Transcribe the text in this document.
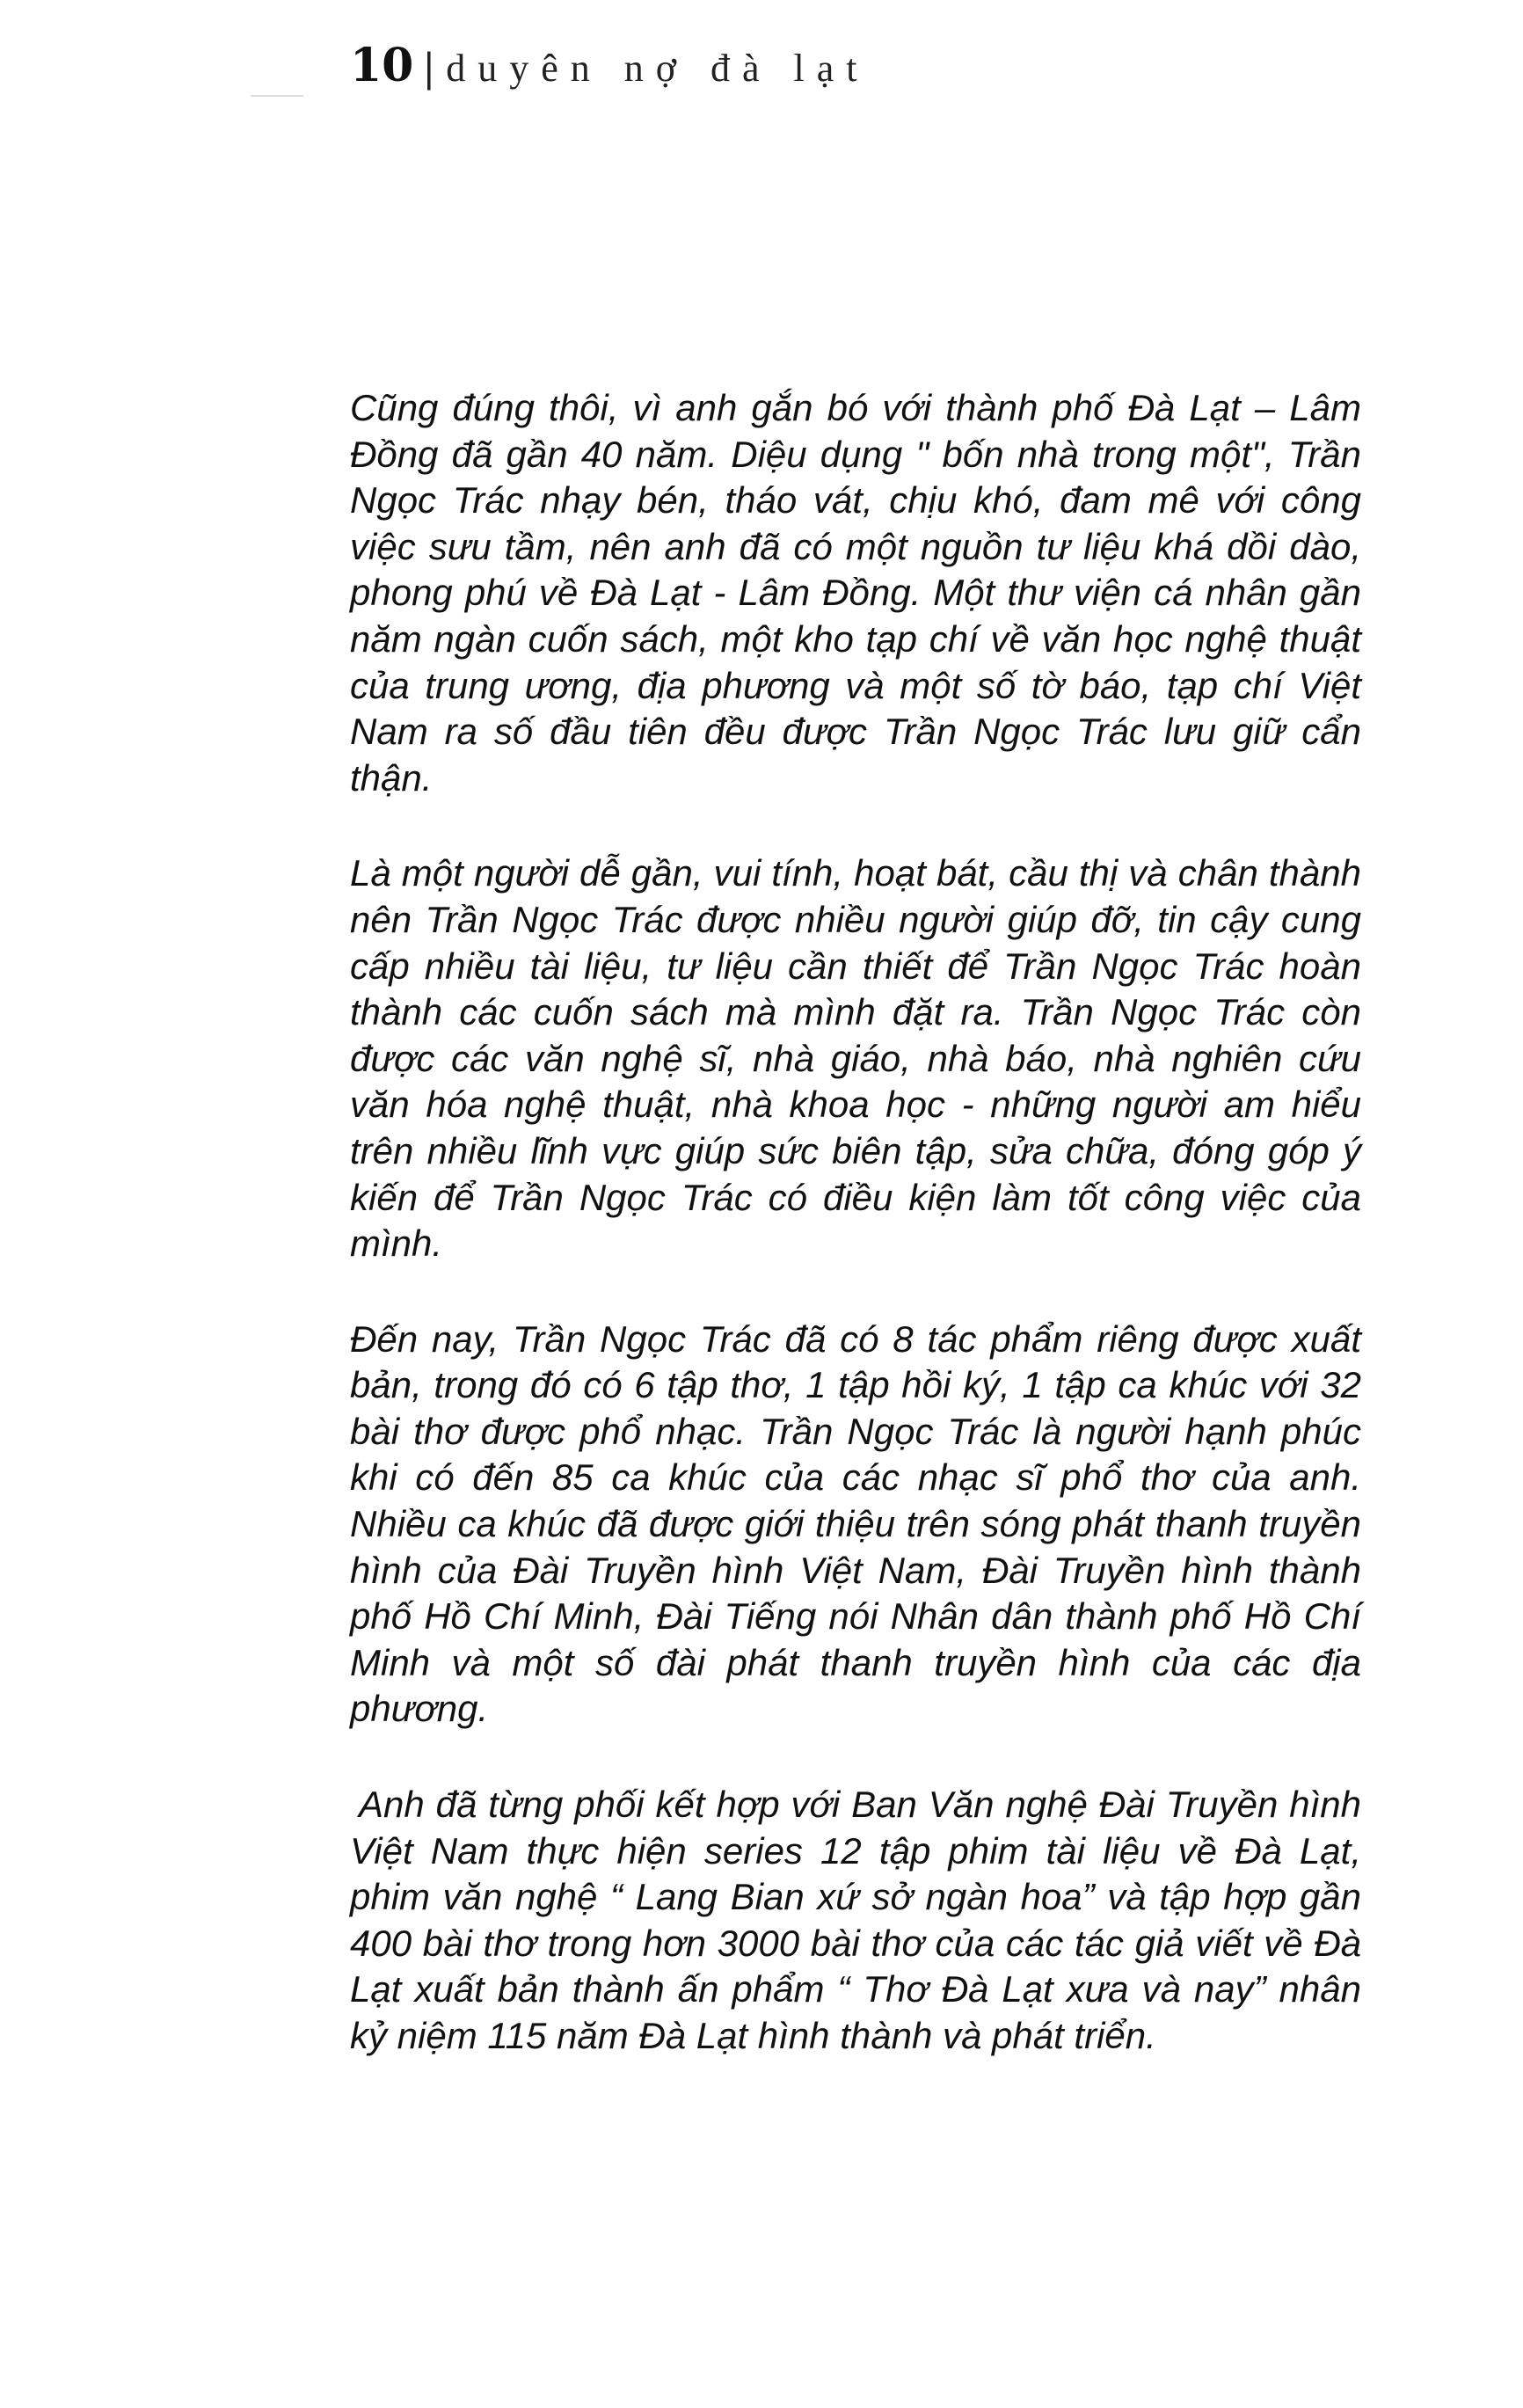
10 | duyên nợ đà lạt

Cũng đúng thôi, vì anh gắn bó với thành phố Đà Lạt – Lâm Đồng đã gần 40 năm. Diệu dụng " bốn nhà trong một", Trần Ngọc Trác nhạy bén, tháo vát, chịu khó, đam mê với công việc sưu tầm, nên anh đã có một nguồn tư liệu khá dồi dào, phong phú về Đà Lạt - Lâm Đồng. Một thư viện cá nhân gần năm ngàn cuốn sách, một kho tạp chí về văn học nghệ thuật của trung ương, địa phương và một số tờ báo, tạp chí Việt Nam ra số đầu tiên đều được Trần Ngọc Trác lưu giữ cẩn thận.

Là một người dễ gần, vui tính, hoạt bát, cầu thị và chân thành nên Trần Ngọc Trác được nhiều người giúp đỡ, tin cậy cung cấp nhiều tài liệu, tư liệu cần thiết để Trần Ngọc Trác hoàn thành các cuốn sách mà mình đặt ra. Trần Ngọc Trác còn được các văn nghệ sĩ, nhà giáo, nhà báo, nhà nghiên cứu văn hóa nghệ thuật, nhà khoa học - những người am hiểu trên nhiều lĩnh vực giúp sức biên tập, sửa chữa, đóng góp ý kiến để Trần Ngọc Trác có điều kiện làm tốt công việc của mình.

Đến nay, Trần Ngọc Trác đã có 8 tác phẩm riêng được xuất bản, trong đó có 6 tập thơ, 1 tập hồi ký, 1 tập ca khúc với 32 bài thơ được phổ nhạc. Trần Ngọc Trác là người hạnh phúc khi có đến 85 ca khúc của các nhạc sĩ phổ thơ của anh. Nhiều ca khúc đã được giới thiệu trên sóng phát thanh truyền hình của Đài Truyền hình Việt Nam, Đài Truyền hình thành phố Hồ Chí Minh, Đài Tiếng nói Nhân dân thành phố Hồ Chí Minh và một số đài phát thanh truyền hình của các địa phương.

Anh đã từng phối kết hợp với Ban Văn nghệ Đài Truyền hình Việt Nam thực hiện series 12 tập phim tài liệu về Đà Lạt, phim văn nghệ “ Lang Bian xứ sở ngàn hoa” và tập hợp gần 400 bài thơ trong hơn 3000 bài thơ của các tác giả viết về Đà Lạt xuất bản thành ấn phẩm “ Thơ Đà Lạt xưa và nay” nhân kỷ niệm 115 năm Đà Lạt hình thành và phát triển.
